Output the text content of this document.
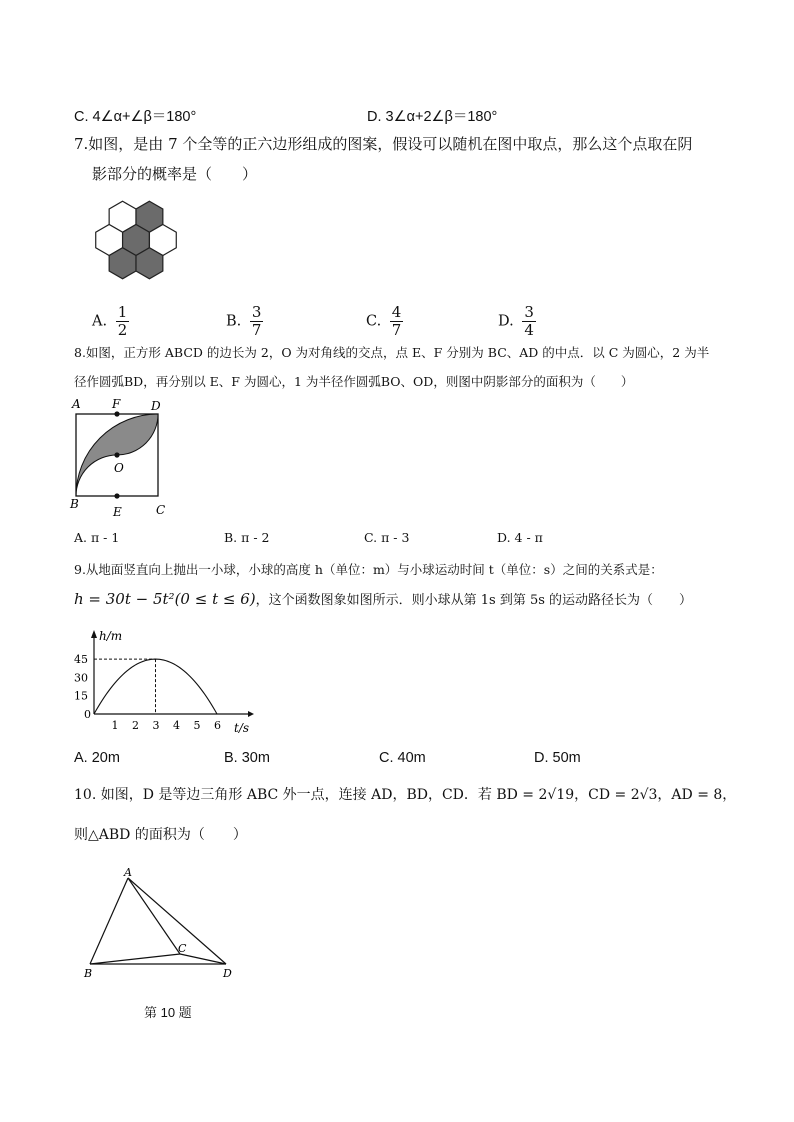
C. 4∠α+∠β＝180°	D. 3∠α+2∠β＝180°
7.如图，是由 7 个全等的正六边形组成的图案，假设可以随机在图中取点，那么这个点取在阴
影部分的概率是（　　）
A. $\frac{1}{2}$	B. $\frac{3}{7}$	C. $\frac{4}{7}$	D. $\frac{3}{4}$
8.如图，正方形 ABCD 的边长为 2，O 为对角线的交点，点 E、F 分别为 BC、AD 的中点．以 C 为圆心，2 为半
径作圆弧BD，再分别以 E、F 为圆心，1 为半径作圆弧BO、OD，则图中阴影部分的面积为（　　）
A	F	D
O
B
E	C
A. π - 1	B. π - 2	C. π - 3	D. 4 - π
9.从地面竖直向上抛出一小球，小球的高度 h（单位：m）与小球运动时间 t（单位：s）之间的关系式是：
h = 30t − 5t²(0 ≤ t ≤ 6)，这个函数图象如图所示．则小球从第 1s 到第 5s 的运动路径长为（　　）
45
30
15
0
1 2 3 4 5 6
h/m
t/s
A. 20m	B. 30m	C. 40m	D. 50m
10. 如图，D 是等边三角形 ABC 外一点，连接 AD，BD，CD．若 BD = 2√19，CD = 2√3，AD = 8，
则△ABD 的面积为（　　）
A
B
C
D
第 10 题
